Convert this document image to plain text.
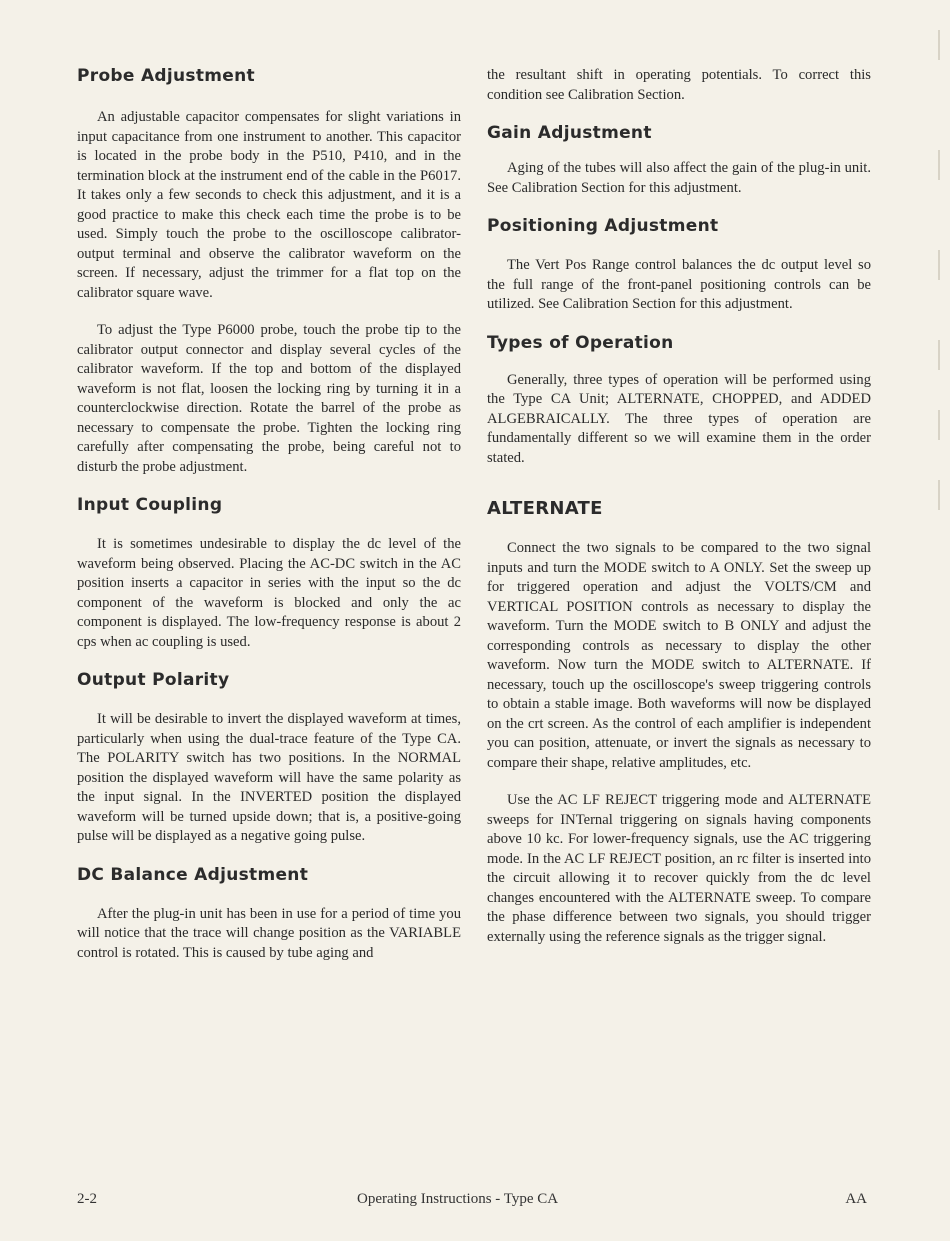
Probe Adjustment

An adjustable capacitor compensates for slight variations in input capacitance from one instrument to another. This capacitor is located in the probe body in the P510, P410, and in the termination block at the instrument end of the cable in the P6017. It takes only a few seconds to check this adjustment, and it is a good practice to make this check each time the probe is to be used. Simply touch the probe to the oscilloscope calibrator-output terminal and observe the calibrator waveform on the screen. If necessary, adjust the trimmer for a flat top on the calibrator square wave.

To adjust the Type P6000 probe, touch the probe tip to the calibrator output connector and display several cycles of the calibrator waveform. If the top and bottom of the displayed waveform is not flat, loosen the locking ring by turning it in a counterclockwise direction. Rotate the barrel of the probe as necessary to compensate the probe. Tighten the locking ring carefully after compensating the probe, being careful not to disturb the probe adjustment.

Input Coupling

It is sometimes undesirable to display the dc level of the waveform being observed. Placing the AC-DC switch in the AC position inserts a capacitor in series with the input so the dc component of the waveform is blocked and only the ac component is displayed. The low-frequency response is about 2 cps when ac coupling is used.

Output Polarity

It will be desirable to invert the displayed waveform at times, particularly when using the dual-trace feature of the Type CA. The POLARITY switch has two positions. In the NORMAL position the displayed waveform will have the same polarity as the input signal. In the INVERTED position the displayed waveform will be turned upside down; that is, a positive-going pulse will be displayed as a negative going pulse.

DC Balance Adjustment

After the plug-in unit has been in use for a period of time you will notice that the trace will change position as the VARIABLE control is rotated. This is caused by tube aging and

the resultant shift in operating potentials. To correct this condition see Calibration Section.

Gain Adjustment

Aging of the tubes will also affect the gain of the plug-in unit. See Calibration Section for this adjustment.

Positioning Adjustment

The Vert Pos Range control balances the dc output level so the full range of the front-panel positioning controls can be utilized. See Calibration Section for this adjustment.

Types of Operation

Generally, three types of operation will be performed using the Type CA Unit; ALTERNATE, CHOPPED, and ADDED ALGEBRAICALLY. The three types of operation are fundamentally different so we will examine them in the order stated.

ALTERNATE

Connect the two signals to be compared to the two signal inputs and turn the MODE switch to A ONLY. Set the sweep up for triggered operation and adjust the VOLTS/CM and VERTICAL POSITION controls as necessary to display the waveform. Turn the MODE switch to B ONLY and adjust the corresponding controls as necessary to display the other waveform. Now turn the MODE switch to ALTERNATE. If necessary, touch up the oscilloscope's sweep triggering controls to obtain a stable image. Both waveforms will now be displayed on the crt screen. As the control of each amplifier is independent you can position, attenuate, or invert the signals as necessary to compare their shape, relative amplitudes, etc.

Use the AC LF REJECT triggering mode and ALTERNATE sweeps for INTernal triggering on signals having components above 10 kc. For lower-frequency signals, use the AC triggering mode. In the AC LF REJECT position, an rc filter is inserted into the circuit allowing it to recover quickly from the dc level changes encountered with the ALTERNATE sweep. To compare the phase difference between two signals, you should trigger externally using the reference signals as the trigger signal.

2-2	Operating Instructions - Type CA	AA
